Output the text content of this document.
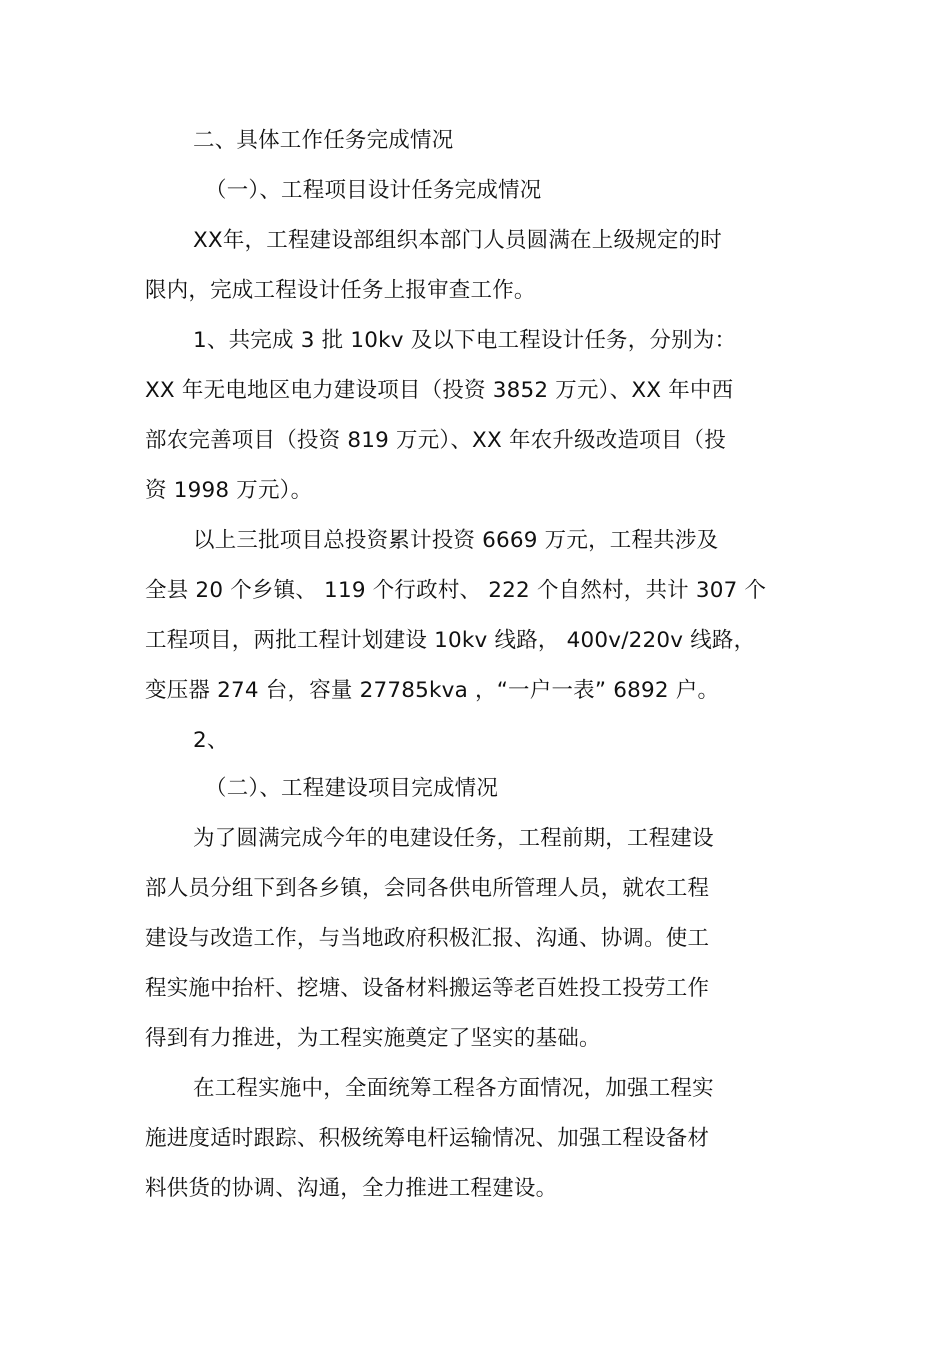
二、具体工作任务完成情况
（一）、工程项目设计任务完成情况
XX年，工程建设部组织本部门人员圆满在上级规定的时
限内，完成工程设计任务上报审查工作。
1、共完成 3 批 10kv 及以下电工程设计任务，分别为：
XX 年无电地区电力建设项目（投资 3852 万元）、XX 年中西
部农完善项目（投资 819 万元）、XX 年农升级改造项目（投
资 1998 万元）。
以上三批项目总投资累计投资 6669 万元，工程共涉及
全县 20 个乡镇、 119 个行政村、 222 个自然村，共计 307 个
工程项目，两批工程计划建设 10kv 线路， 400v/220v 线路，
变压器 274 台，容量 27785kva ，“一户一表” 6892 户。
2、
（二）、工程建设项目完成情况
为了圆满完成今年的电建设任务，工程前期，工程建设
部人员分组下到各乡镇，会同各供电所管理人员，就农工程
建设与改造工作，与当地政府积极汇报、沟通、协调。使工
程实施中抬杆、挖塘、设备材料搬运等老百姓投工投劳工作
得到有力推进，为工程实施奠定了坚实的基础。
在工程实施中，全面统筹工程各方面情况，加强工程实
施进度适时跟踪、积极统筹电杆运输情况、加强工程设备材
料供货的协调、沟通，全力推进工程建设。
